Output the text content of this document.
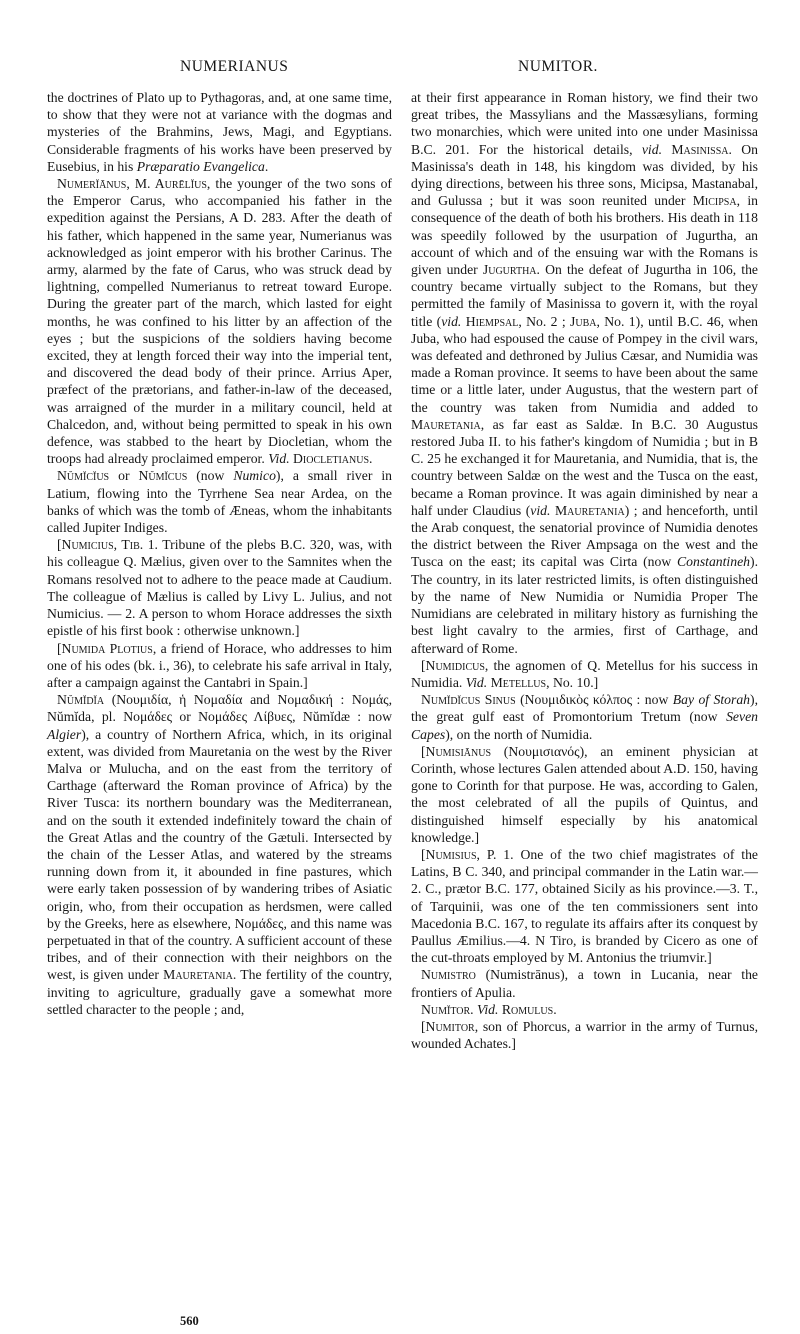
NUMERIANUS	NUMITOR.

the doctrines of Plato up to Pythagoras, and, at one same time, to show that they were not at variance with the dogmas and mysteries of the Brahmins, Jews, Magi, and Egyptians. Considerable fragments of his works have been preserved by Eusebius, in his Præparatio Evangelica.

Numerĭānus, M. Aurēlĭus, the younger of the two sons of the Emperor Carus, who accompanied his father in the expedition against the Persians, A D. 283. After the death of his father, which happened in the same year, Numerianus was acknowledged as joint emperor with his brother Carinus. The army, alarmed by the fate of Carus, who was struck dead by lightning, compelled Numerianus to retreat toward Europe. During the greater part of the march, which lasted for eight months, he was confined to his litter by an affection of the eyes ; but the suspicions of the soldiers having become excited, they at length forced their way into the imperial tent, and discovered the dead body of their prince. Arrius Aper, præfect of the prætorians, and father-in-law of the deceased, was arraigned of the murder in a military council, held at Chalcedon, and, without being permitted to speak in his own defence, was stabbed to the heart by Diocletian, whom the troops had already proclaimed emperor. Vid. Diocletianus.

Nŭmĭcĭus or Nŭmĭcus (now Numico), a small river in Latium, flowing into the Tyrrhene Sea near Ardea, on the banks of which was the tomb of Æneas, whom the inhabitants called Jupiter Indiges.

[Numicius, Tib. 1. Tribune of the plebs B.C. 320, was, with his colleague Q. Mælius, given over to the Samnites when the Romans resolved not to adhere to the peace made at Caudium. The colleague of Mælius is called by Livy L. Julius, and not Numicius. — 2. A person to whom Horace addresses the sixth epistle of his first book : otherwise unknown.]

[Numida Plotius, a friend of Horace, who addresses to him one of his odes (bk. i., 36), to celebrate his safe arrival in Italy, after a campaign against the Cantabri in Spain.]

Nŭmĭdĭa (Νουμιδία, ἡ Νομαδία and Νομαδική : Νομάς, Nŭmĭda, pl. Νομάδες or Νομάδες Λίβυες, Nŭmĭdæ : now Algier), a country of Northern Africa, which, in its original extent, was divided from Mauretania on the west by the River Malva or Mulucha, and on the east from the territory of Carthage (afterward the Roman province of Africa) by the River Tusca: its northern boundary was the Mediterranean, and on the south it extended indefinitely toward the chain of the Great Atlas and the country of the Gætuli. Intersected by the chain of the Lesser Atlas, and watered by the streams running down from it, it abounded in fine pastures, which were early taken possession of by wandering tribes of Asiatic origin, who, from their occupation as herdsmen, were called by the Greeks, here as elsewhere, Νομάδες, and this name was perpetuated in that of the country. A sufficient account of these tribes, and of their connection with their neighbors on the west, is given under Mauretania. The fertility of the country, inviting to agriculture, gradually gave a somewhat more settled character to the people ; and,

at their first appearance in Roman history, we find their two great tribes, the Massylians and the Massæsylians, forming two monarchies, which were united into one under Masinissa B.C. 201. For the historical details, vid. Masinissa. On Masinissa's death in 148, his kingdom was divided, by his dying directions, between his three sons, Micipsa, Mastanabal, and Gulussa ; but it was soon reunited under Micipsa, in consequence of the death of both his brothers. His death in 118 was speedily followed by the usurpation of Jugurtha, an account of which and of the ensuing war with the Romans is given under Jugurtha. On the defeat of Jugurtha in 106, the country became virtually subject to the Romans, but they permitted the family of Masinissa to govern it, with the royal title (vid. Hiempsal, No. 2 ; Juba, No. 1), until B.C. 46, when Juba, who had espoused the cause of Pompey in the civil wars, was defeated and dethroned by Julius Cæsar, and Numidia was made a Roman province. It seems to have been about the same time or a little later, under Augustus, that the western part of the country was taken from Numidia and added to Mauretania, as far east as Saldæ. In B.C. 30 Augustus restored Juba II. to his father's kingdom of Numidia ; but in B C. 25 he exchanged it for Mauretania, and Numidia, that is, the country between Saldæ on the west and the Tusca on the east, became a Roman province. It was again diminished by near a half under Claudius (vid. Mauretania) ; and henceforth, until the Arab conquest, the senatorial province of Numidia denotes the district between the River Ampsaga on the west and the Tusca on the east; its capital was Cirta (now Constantineh). The country, in its later restricted limits, is often distinguished by the name of New Numidia or Numidia Proper The Numidians are celebrated in military history as furnishing the best light cavalry to the armies, first of Carthage, and afterward of Rome.

[Numidicus, the agnomen of Q. Metellus for his success in Numidia. Vid. Metellus, No. 10.]

Numĭdĭcus Sinus (Νουμιδικὸς κόλπος : now Bay of Storah), the great gulf east of Promontorium Tretum (now Seven Capes), on the north of Numidia.

[Numisiānus (Νουμισιανός), an eminent physician at Corinth, whose lectures Galen attended about A.D. 150, having gone to Corinth for that purpose. He was, according to Galen, the most celebrated of all the pupils of Quintus, and distinguished himself especially by his anatomical knowledge.]

[Numisius, P. 1. One of the two chief magistrates of the Latins, B C. 340, and principal commander in the Latin war.—2. C., prætor B.C. 177, obtained Sicily as his province.—3. T., of Tarquinii, was one of the ten commissioners sent into Macedonia B.C. 167, to regulate its affairs after its conquest by Paullus Æmilius.—4. N Tiro, is branded by Cicero as one of the cut-throats employed by M. Antonius the triumvir.]

Numistro (Numistrānus), a town in Lucania, near the frontiers of Apulia.

Numĭtor. Vid. Romulus.

[Numitor, son of Phorcus, a warrior in the army of Turnus, wounded Achates.]

560
